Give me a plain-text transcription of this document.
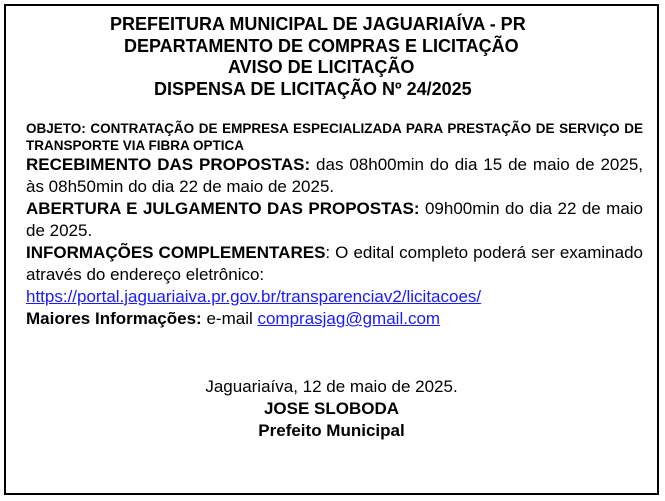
PREFEITURA MUNICIPAL DE JAGUARIAÍVA - PR
DEPARTAMENTO DE COMPRAS E LICITAÇÃO
AVISO DE LICITAÇÃO
DISPENSA DE LICITAÇÃO Nº 24/2025
OBJETO: CONTRATAÇÃO DE EMPRESA ESPECIALIZADA PARA PRESTAÇÃO DE SERVIÇO DE TRANSPORTE VIA FIBRA OPTICA
RECEBIMENTO DAS PROPOSTAS: das 08h00min do dia 15 de maio de 2025, às 08h50min do dia 22 de maio de 2025.
ABERTURA E JULGAMENTO DAS PROPOSTAS: 09h00min do dia 22 de maio de 2025.
INFORMAÇÕES COMPLEMENTARES: O edital completo poderá ser examinado através do endereço eletrônico:
https://portal.jaguariaiva.pr.gov.br/transparenciav2/licitacoes/
Maiores Informações: e-mail comprasjag@gmail.com
Jaguariaíva, 12 de maio de 2025.
JOSE SLOBODA
Prefeito Municipal
